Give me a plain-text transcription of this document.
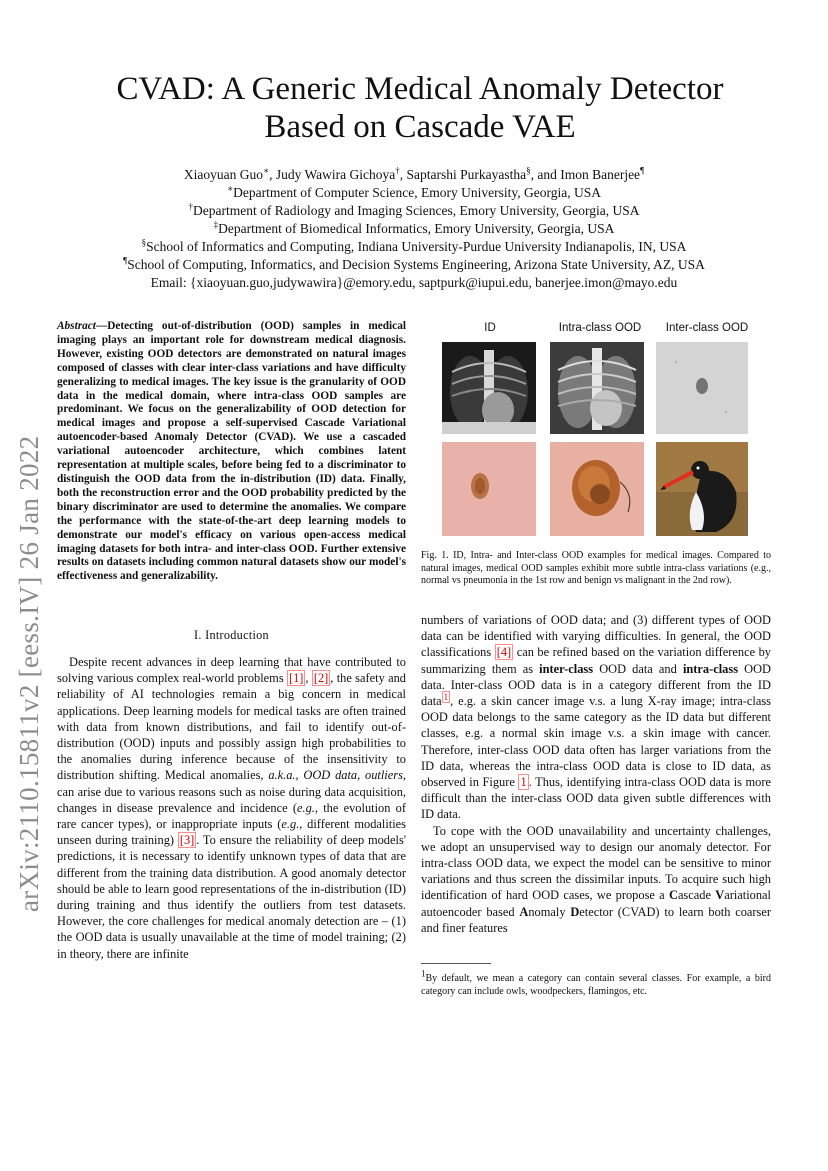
arXiv:2110.15811v2 [eess.IV] 26 Jan 2022
CVAD: A Generic Medical Anomaly Detector
Based on Cascade VAE
Xiaoyuan Guo∗, Judy Wawira Gichoya†, Saptarshi Purkayastha§, and Imon Banerjee¶
∗Department of Computer Science, Emory University, Georgia, USA
†Department of Radiology and Imaging Sciences, Emory University, Georgia, USA
‡Department of Biomedical Informatics, Emory University, Georgia, USA
§School of Informatics and Computing, Indiana University-Purdue University Indianapolis, IN, USA
¶School of Computing, Informatics, and Decision Systems Engineering, Arizona State University, AZ, USA
Email: {xiaoyuan.guo,judywawira}@emory.edu, saptpurk@iupui.edu, banerjee.imon@mayo.edu
Abstract—Detecting out-of-distribution (OOD) samples in medical imaging plays an important role for downstream medical diagnosis. However, existing OOD detectors are demonstrated on natural images composed of classes with clear inter-class variations and have difficulty generalizing to medical images. The key issue is the granularity of OOD data in the medical domain, where intra-class OOD samples are predominant. We focus on the generalizability of OOD detection for medical images and propose a self-supervised Cascade Variational autoencoder-based Anomaly Detector (CVAD). We use a cascaded variational autoencoder architecture, which combines latent representation at multiple scales, before being fed to a discriminator to distinguish the OOD data from the in-distribution (ID) data. Finally, both the reconstruction error and the OOD probability predicted by the binary discriminator are used to determine the anomalies. We compare the performance with the state-of-the-art deep learning models to demonstrate our model's efficacy on various open-access medical imaging datasets for both intra- and inter-class OOD. Further extensive results on datasets including common natural datasets show our model's effectiveness and generalizability.
I. Introduction

Despite recent advances in deep learning that have contributed to solving various complex real-world problems [1] , [2] , the safety and reliability of AI technologies remain a big concern in medical applications. Deep learning models for medical tasks are often trained with data from known distributions, and fail to identify out-of-distribution (OOD) inputs and possibly assign high probabilities to the anomalies during inference because of the insensitivity to distribution shifting. Medical anomalies, a.k.a., OOD data, outliers, can arise due to various reasons such as noise during data acquisition, changes in disease prevalence and incidence (e.g., the evolution of rare cancer types), or inappropriate inputs (e.g., different modalities unseen during training) [3] . To ensure the reliability of deep models' predictions, it is necessary to identify unknown types of data that are different from the training data distribution. A good anomaly detector should be able to learn good representations of the in-distribution (ID) during training and thus identify the outliers from test datasets. However, the core challenges for medical anomaly detection are – (1) the OOD data is usually unavailable at the time of model training; (2) in theory, there are infinite

ID	Intra-class OOD	Inter-class OOD
Fig. 1. ID, Intra- and Inter-class OOD examples for medical images. Compared to natural images, medical OOD samples exhibit more subtle intra-class variations (e.g., normal vs pneumonia in the 1st row and benign vs malignant in the 2nd row).

numbers of variations of OOD data; and (3) different types of OOD data can be identified with varying difficulties. In general, the OOD classifications [4] can be refined based on the variation difference by summarizing them as inter-class OOD data and intra-class OOD data. Inter-class OOD data is in a category different from the ID data $^1$ , e.g. a skin cancer image v.s. a lung X-ray image; intra-class OOD data belongs to the same category as the ID data but different classes, e.g. a normal skin image v.s. a skin image with cancer. Therefore, inter-class OOD data often has larger variations from the ID data, whereas the intra-class OOD data is close to ID data, as observed in Figure 1 . Thus, identifying intra-class OOD data is more difficult than the inter-class OOD data given subtle differences with ID data.

To cope with the OOD unavailability and uncertainty challenges, we adopt an unsupervised way to design our anomaly detector. For intra-class OOD data, we expect the model can be sensitive to minor variations and thus screen the dissimilar inputs. To acquire such high identification of hard OOD cases, we propose a Cascade Variational autoencoder based Anomaly Detector (CVAD) to learn both coarser and finer features

$^1$By default, we mean a category can contain several classes. For example, a bird category can include owls, woodpeckers, flamingos, etc.
